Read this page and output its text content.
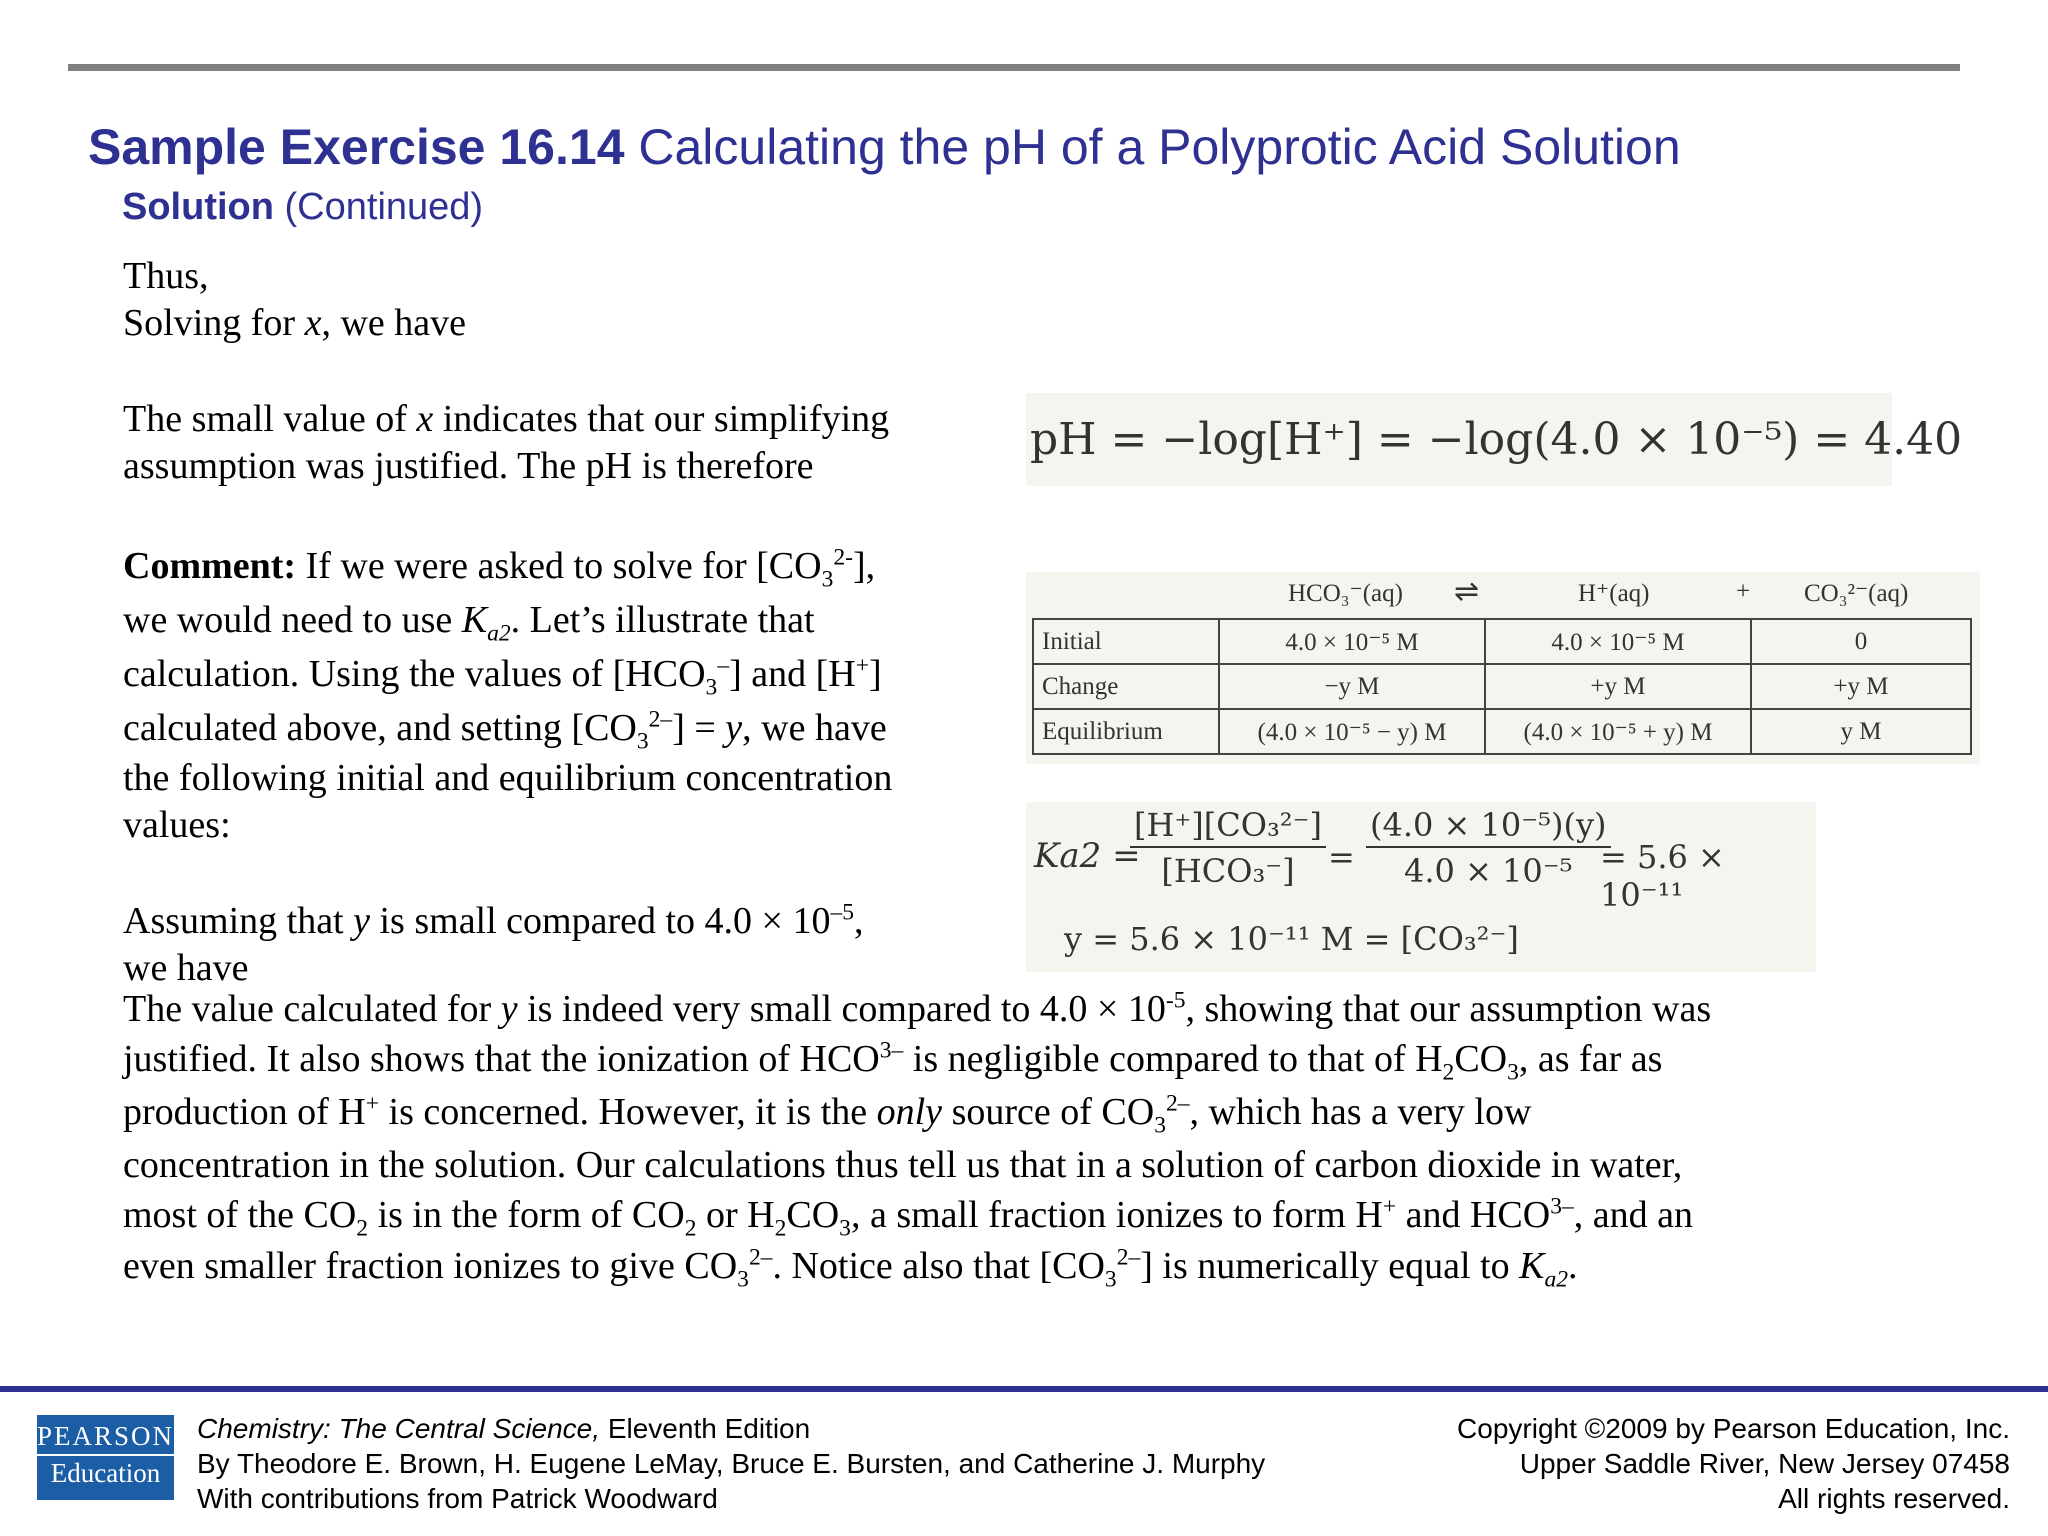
Sample Exercise 16.14 Calculating the pH of a Polyprotic Acid Solution
Solution (Continued)
Thus,
Solving for x, we have
The small value of x indicates that our simplifying
assumption was justified. The pH is therefore
Comment: If we were asked to solve for $[CO_3^{2-}]$,
we would need to use $K_{a2}$. Let’s illustrate that
calculation. Using the values of $[HCO_3^-]$ and [H+]
calculated above, and setting $[CO_3^{2-}] = y$, we have
the following initial and equilibrium concentration
values:
Assuming that y is small compared to $4.0 \times 10^{-5}$,
we have
The value calculated for y is indeed very small compared to $4.0 \times 10^{-5}$, showing that our assumption was
justified. It also shows that the ionization of $HCO^{3-}$ is negligible compared to that of $H_2CO_3$, as far as
production of H+ is concerned. However, it is the only source of $CO_3^{2-}$, which has a very low
concentration in the solution. Our calculations thus tell us that in a solution of carbon dioxide in water,
most of the $CO_2$ is in the form of $CO_2$ or $H_2CO_3$, a small fraction ionizes to form H+ and $HCO^{3-}$, and an
even smaller fraction ionizes to give $CO_3^{2-}$. Notice also that $[CO_3^{2-}]$ is numerically equal to $K_{a2}$.
pH = −log[H⁺] = −log(4.0 × 10⁻⁵) = 4.40
HCO₃⁻(aq) ⇌	H⁺(aq)	+ CO₃²⁻(aq)
Initial	4.0 × 10⁻⁵ M	4.0 × 10⁻⁵ M	0
Change	−y M	+y M	+y M
Equilibrium	(4.0 × 10⁻⁵ − y) M	(4.0 × 10⁻⁵ + y) M	y M
Ka2 =
[H⁺][CO₃²⁻]
[HCO₃⁻]	= $\frac{\text{(4.0 × 10⁻⁵)(y)}}{\text{4.0 × 10⁻⁵}}$
= 5.6 × 10⁻¹¹
y = 5.6 × 10⁻¹¹ M = [CO₃²⁻]
PEARSON
Education
Chemistry: The Central Science, Eleventh Edition
By Theodore E. Brown, H. Eugene LeMay, Bruce E. Bursten, and Catherine J. Murphy
With contributions from Patrick Woodward
Copyright ©2009 by Pearson Education, Inc.
Upper Saddle River, New Jersey 07458
All rights reserved.
